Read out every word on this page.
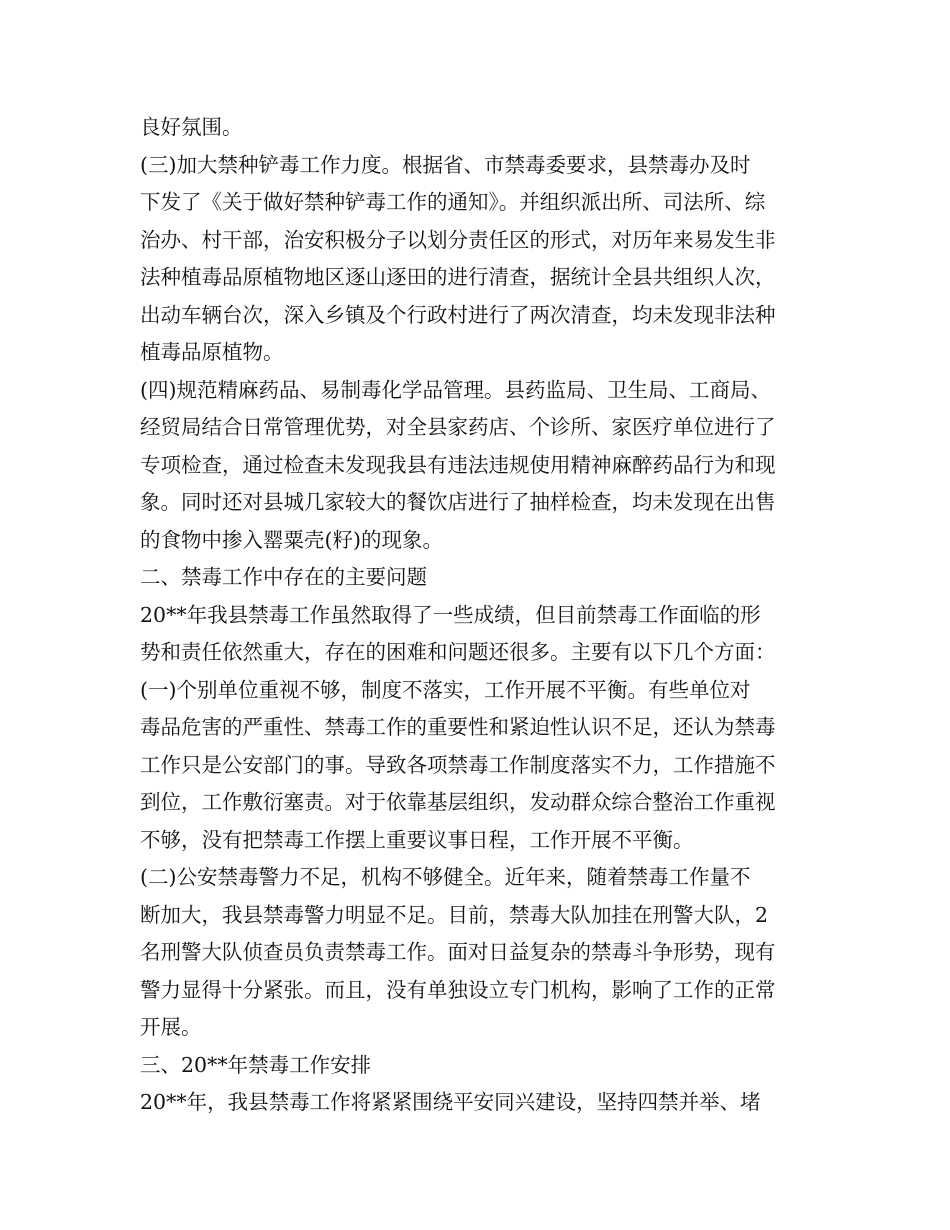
良好氛围。
(三)加大禁种铲毒工作力度。根据省、市禁毒委要求，县禁毒办及时
下发了《关于做好禁种铲毒工作的通知》。并组织派出所、司法所、综
治办、村干部，治安积极分子以划分责任区的形式，对历年来易发生非
法种植毒品原植物地区逐山逐田的进行清查，据统计全县共组织人次，
出动车辆台次，深入乡镇及个行政村进行了两次清查，均未发现非法种
植毒品原植物。
(四)规范精麻药品、易制毒化学品管理。县药监局、卫生局、工商局、
经贸局结合日常管理优势，对全县家药店、个诊所、家医疗单位进行了
专项检查，通过检查未发现我县有违法违规使用精神麻醉药品行为和现
象。同时还对县城几家较大的餐饮店进行了抽样检查，均未发现在出售
的食物中掺入罂粟壳(籽)的现象。
二、禁毒工作中存在的主要问题
20**年我县禁毒工作虽然取得了一些成绩，但目前禁毒工作面临的形
势和责任依然重大，存在的困难和问题还很多。主要有以下几个方面：
(一)个别单位重视不够，制度不落实，工作开展不平衡。有些单位对
毒品危害的严重性、禁毒工作的重要性和紧迫性认识不足，还认为禁毒
工作只是公安部门的事。导致各项禁毒工作制度落实不力，工作措施不
到位，工作敷衍塞责。对于依靠基层组织，发动群众综合整治工作重视
不够，没有把禁毒工作摆上重要议事日程，工作开展不平衡。
(二)公安禁毒警力不足，机构不够健全。近年来，随着禁毒工作量不
断加大，我县禁毒警力明显不足。目前，禁毒大队加挂在刑警大队，2
名刑警大队侦查员负责禁毒工作。面对日益复杂的禁毒斗争形势，现有
警力显得十分紧张。而且，没有单独设立专门机构，影响了工作的正常
开展。
三、20**年禁毒工作安排
20**年，我县禁毒工作将紧紧围绕平安同兴建设，坚持四禁并举、堵
